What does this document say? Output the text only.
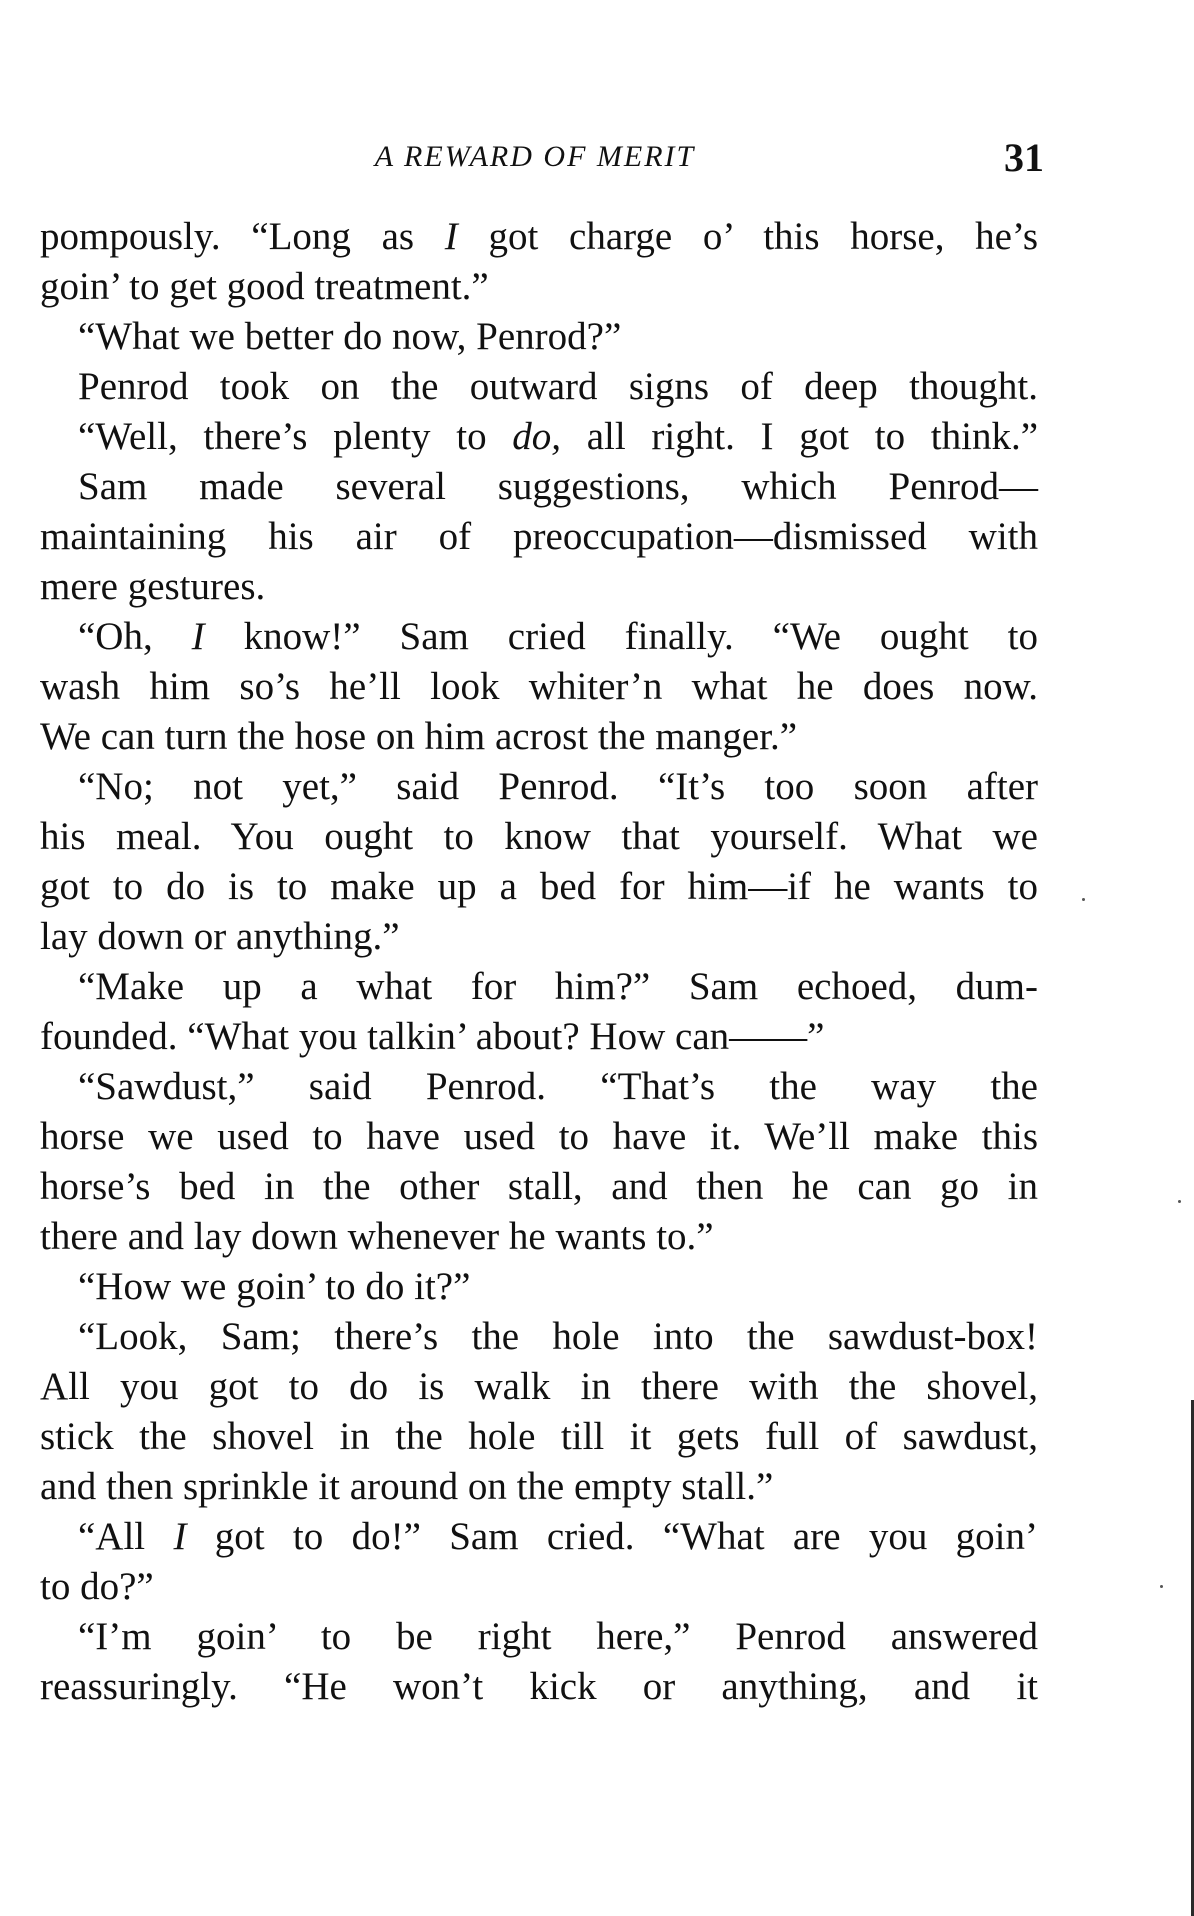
A REWARD OF MERIT	31
pompously. “Long as I got charge o’ this horse, he’s
goin’ to get good treatment.”
“What we better do now, Penrod?”
Penrod took on the outward signs of deep thought.
“Well, there’s plenty to do, all right. I got to think.”
Sam made several suggestions, which Penrod—
maintaining his air of preoccupation—dismissed with
mere gestures.
“Oh, I know!” Sam cried finally. “We ought to
wash him so’s he’ll look whiter’n what he does now.
We can turn the hose on him acrost the manger.”
“No; not yet,” said Penrod. “It’s too soon after
his meal. You ought to know that yourself. What we
got to do is to make up a bed for him—if he wants to
lay down or anything.”
“Make up a what for him?” Sam echoed, dum-
founded. “What you talkin’ about? How can——”
“Sawdust,” said Penrod. “That’s the way the
horse we used to have used to have it. We’ll make this
horse’s bed in the other stall, and then he can go in
there and lay down whenever he wants to.”
“How we goin’ to do it?”
“Look, Sam; there’s the hole into the sawdust-box!
All you got to do is walk in there with the shovel,
stick the shovel in the hole till it gets full of sawdust,
and then sprinkle it around on the empty stall.”
“All I got to do!” Sam cried. “What are you goin’
to do?”
“I’m goin’ to be right here,” Penrod answered
reassuringly. “He won’t kick or anything, and it
